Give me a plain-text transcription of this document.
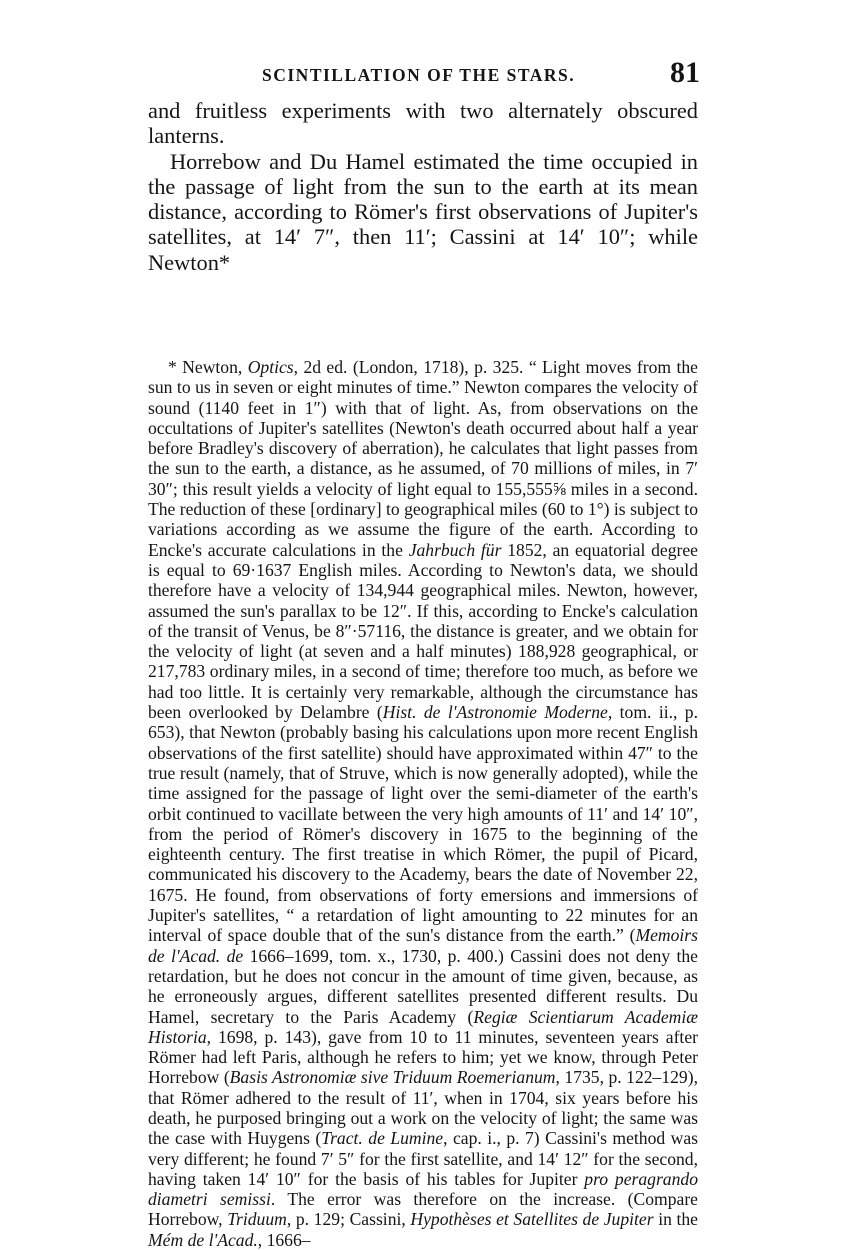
SCINTILLATION OF THE STARS.	81

and fruitless experiments with two alternately obscured lanterns.

Horrebow and Du Hamel estimated the time occupied in the passage of light from the sun to the earth at its mean distance, according to Römer's first observations of Jupiter's satellites, at 14′ 7″, then 11′; Cassini at 14′ 10″; while Newton*

* Newton, Optics, 2d ed. (London, 1718), p. 325. “ Light moves from the sun to us in seven or eight minutes of time.” Newton compares the velocity of sound (1140 feet in 1″) with that of light. As, from observations on the occultations of Jupiter's satellites (Newton's death occurred about half a year before Bradley's discovery of aberration), he calculates that light passes from the sun to the earth, a distance, as he assumed, of 70 millions of miles, in 7′ 30″; this result yields a velocity of light equal to 155,555⅝ miles in a second. The reduction of these [ordinary] to geographical miles (60 to 1°) is subject to variations according as we assume the figure of the earth. According to Encke's accurate calculations in the Jahrbuch für 1852, an equatorial degree is equal to 69·1637 English miles. According to Newton's data, we should therefore have a velocity of 134,944 geographical miles. Newton, however, assumed the sun's parallax to be 12″. If this, according to Encke's calculation of the transit of Venus, be 8″·57116, the distance is greater, and we obtain for the velocity of light (at seven and a half minutes) 188,928 geographical, or 217,783 ordinary miles, in a second of time; therefore too much, as before we had too little. It is certainly very remarkable, although the circumstance has been overlooked by Delambre (Hist. de l'Astronomie Moderne, tom. ii., p. 653), that Newton (probably basing his calculations upon more recent English observations of the first satellite) should have approximated within 47″ to the true result (namely, that of Struve, which is now generally adopted), while the time assigned for the passage of light over the semi-diameter of the earth's orbit continued to vacillate between the very high amounts of 11′ and 14′ 10″, from the period of Römer's discovery in 1675 to the beginning of the eighteenth century. The first treatise in which Römer, the pupil of Picard, communicated his discovery to the Academy, bears the date of November 22, 1675. He found, from observations of forty emersions and immersions of Jupiter's satellites, “ a retardation of light amounting to 22 minutes for an interval of space double that of the sun's distance from the earth.” (Memoirs de l'Acad. de 1666–1699, tom. x., 1730, p. 400.) Cassini does not deny the retardation, but he does not concur in the amount of time given, because, as he erroneously argues, different satellites presented different results. Du Hamel, secretary to the Paris Academy (Regiæ Scientiarum Academiæ Historia, 1698, p. 143), gave from 10 to 11 minutes, seventeen years after Römer had left Paris, although he refers to him; yet we know, through Peter Horrebow (Basis Astronomiæ sive Triduum Roemerianum, 1735, p. 122–129), that Römer adhered to the result of 11′, when in 1704, six years before his death, he purposed bringing out a work on the velocity of light; the same was the case with Huygens (Tract. de Lumine, cap. i., p. 7) Cassini's method was very different; he found 7′ 5″ for the first satellite, and 14′ 12″ for the second, having taken 14′ 10″ for the basis of his tables for Jupiter pro peragrando diametri semissi. The error was therefore on the increase. (Compare Horrebow, Triduum, p. 129; Cassini, Hypothèses et Satellites de Jupiter in the Mém de l'Acad., 1666–
